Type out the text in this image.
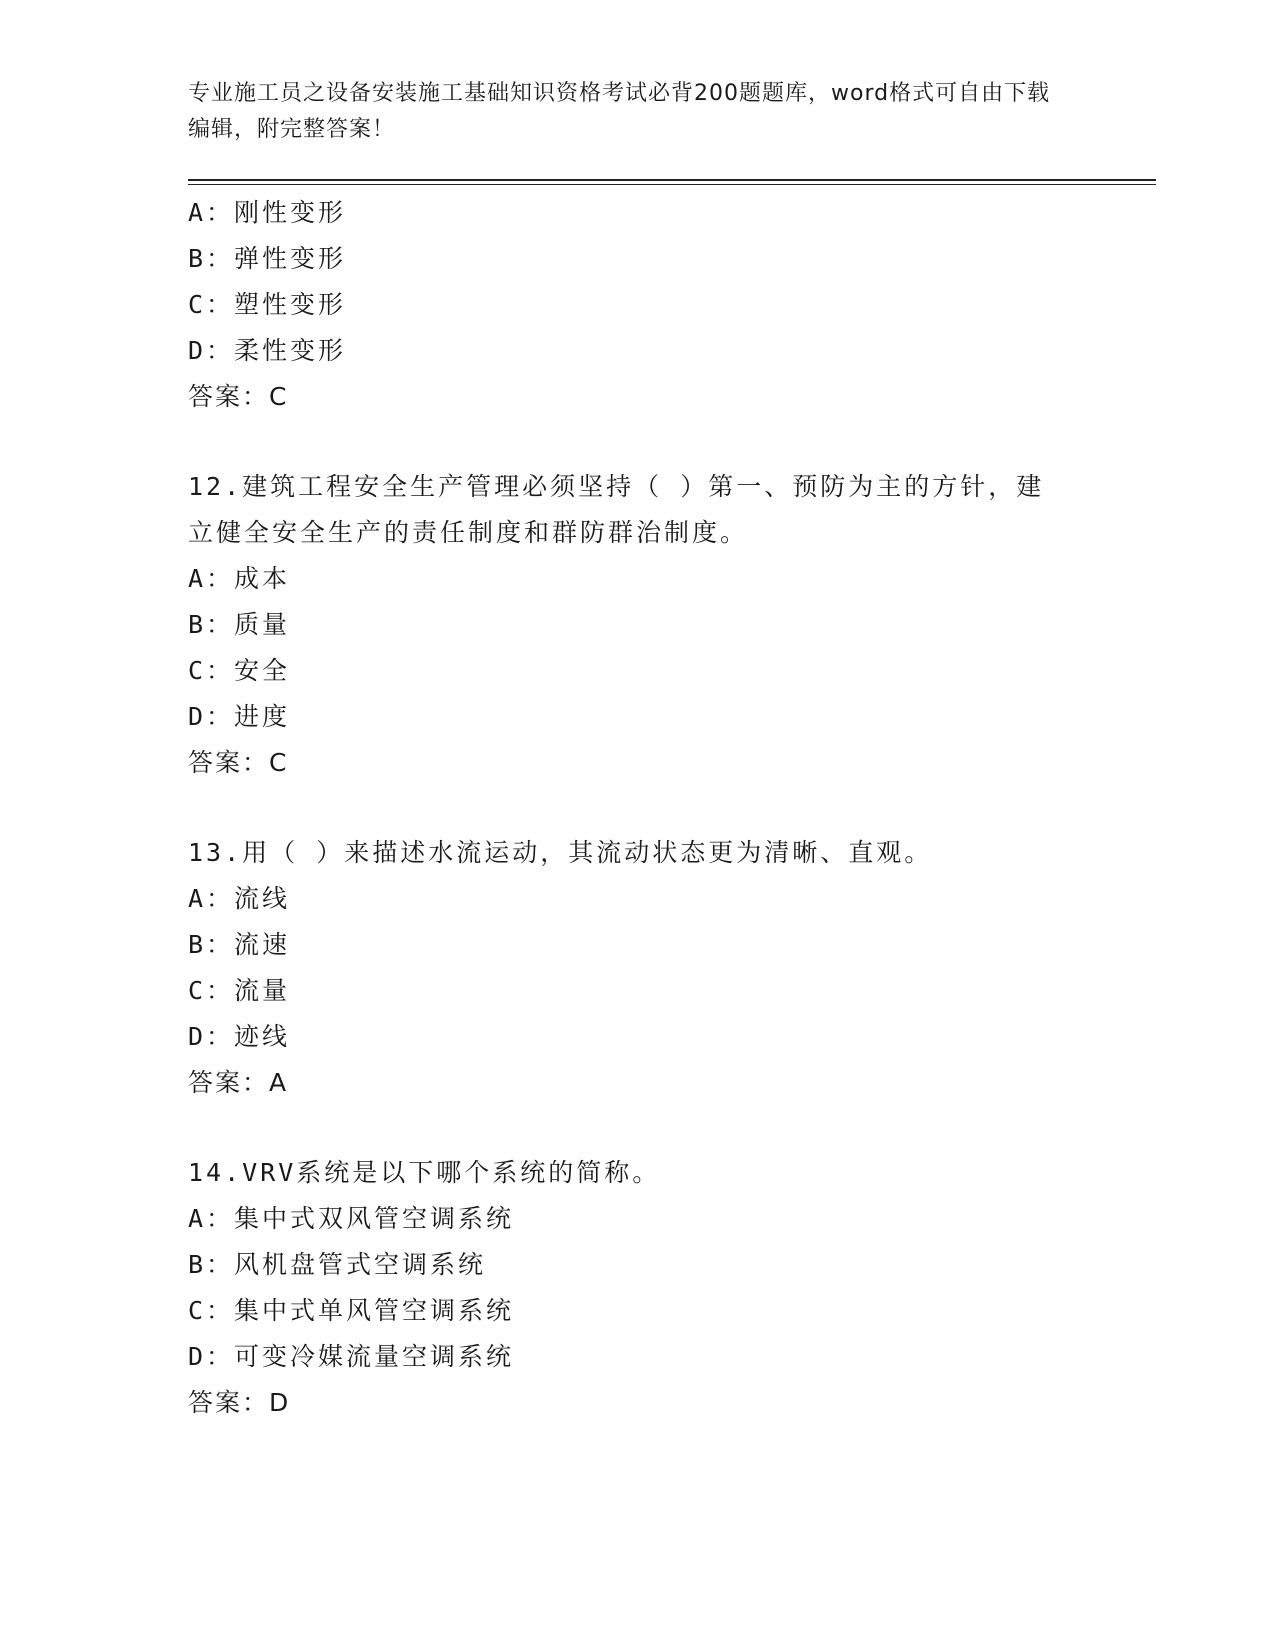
专业施工员之设备安装施工基础知识资格考试必背200题题库，word格式可自由下载编辑，附完整答案！
A：刚性变形
B：弹性变形
C：塑性变形
D：柔性变形
答案：C
12.建筑工程安全生产管理必须坚持（ ）第一、预防为主的方针，建立健全安全生产的责任制度和群防群治制度。
A：成本
B：质量
C：安全
D：进度
答案：C
13.用（ ）来描述水流运动，其流动状态更为清晰、直观。
A：流线
B：流速
C：流量
D：迹线
答案：A
14.VRV系统是以下哪个系统的简称。
A：集中式双风管空调系统
B：风机盘管式空调系统
C：集中式单风管空调系统
D：可变冷媒流量空调系统
答案：D
